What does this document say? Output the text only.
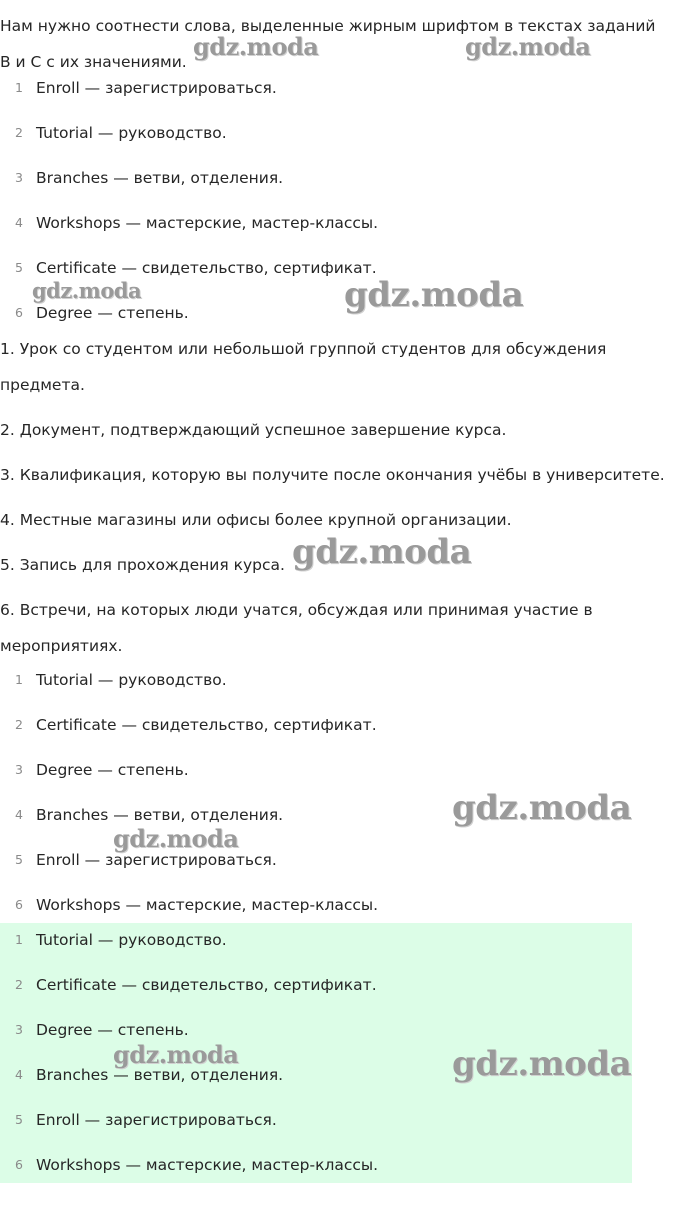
Нам нужно соотнести слова, выделенные жирным шрифтом в текстах заданий
B и C с их значениями.
1 Enroll — зарегистрироваться.
2 Tutorial — руководство.
3 Branches — ветви, отделения.
4 Workshops — мастерские, мастер-классы.
5 Certificate — свидетельство, сертификат.
6 Degree — степень.
1. Урок со студентом или небольшой группой студентов для обсуждения предмета.
2. Документ, подтверждающий успешное завершение курса.
3. Квалификация, которую вы получите после окончания учёбы в университете.
4. Местные магазины или офисы более крупной организации.
5. Запись для прохождения курса.
6. Встречи, на которых люди учатся, обсуждая или принимая участие в мероприятиях.
1 Tutorial — руководство.
2 Certificate — свидетельство, сертификат.
3 Degree — степень.
4 Branches — ветви, отделения.
5 Enroll — зарегистрироваться.
6 Workshops — мастерские, мастер-классы.
1 Tutorial — руководство.
2 Certificate — свидетельство, сертификат.
3 Degree — степень.
4 Branches — ветви, отделения.
5 Enroll — зарегистрироваться.
6 Workshops — мастерские, мастер-классы.
gdz.moda	gdz.moda
gdz.moda	gdz.moda
gdz.moda
gdz.moda
gdz.moda
gdz.moda	gdz.moda
